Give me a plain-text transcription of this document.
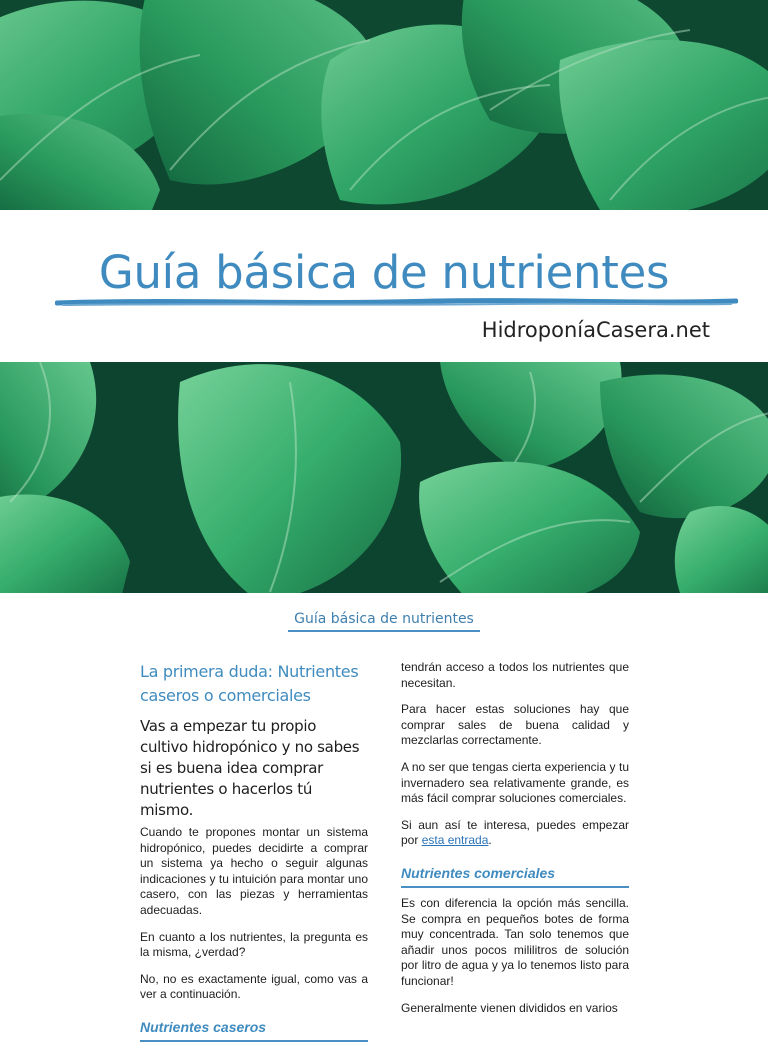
Guía básica de nutrientes
HidroponíaCasera.net
Guía básica de nutrientes
La primera duda: Nutrientes caseros o comerciales

Vas a empezar tu propio cultivo hidropónico y no sabes si es buena idea comprar nutrientes o hacerlos tú mismo.

Cuando te propones montar un sistema hidropónico, puedes decidirte a comprar un sistema ya hecho o seguir algunas indicaciones y tu intuición para montar uno casero, con las piezas y herramientas adecuadas.

En cuanto a los nutrientes, la pregunta es la misma, ¿verdad?

No, no es exactamente igual, como vas a ver a continuación.

Nutrientes caseros

tendrán acceso a todos los nutrientes que necesitan.

Para hacer estas soluciones hay que comprar sales de buena calidad y mezclarlas correctamente.

A no ser que tengas cierta experiencia y tu invernadero sea relativamente grande, es más fácil comprar soluciones comerciales.

Si aun así te interesa, puedes empezar por esta entrada.

Nutrientes comerciales

Es con diferencia la opción más sencilla. Se compra en pequeños botes de forma muy concentrada. Tan solo tenemos que añadir unos pocos mililitros de solución por litro de agua y ya lo tenemos listo para funcionar!

Generalmente vienen divididos en varios
